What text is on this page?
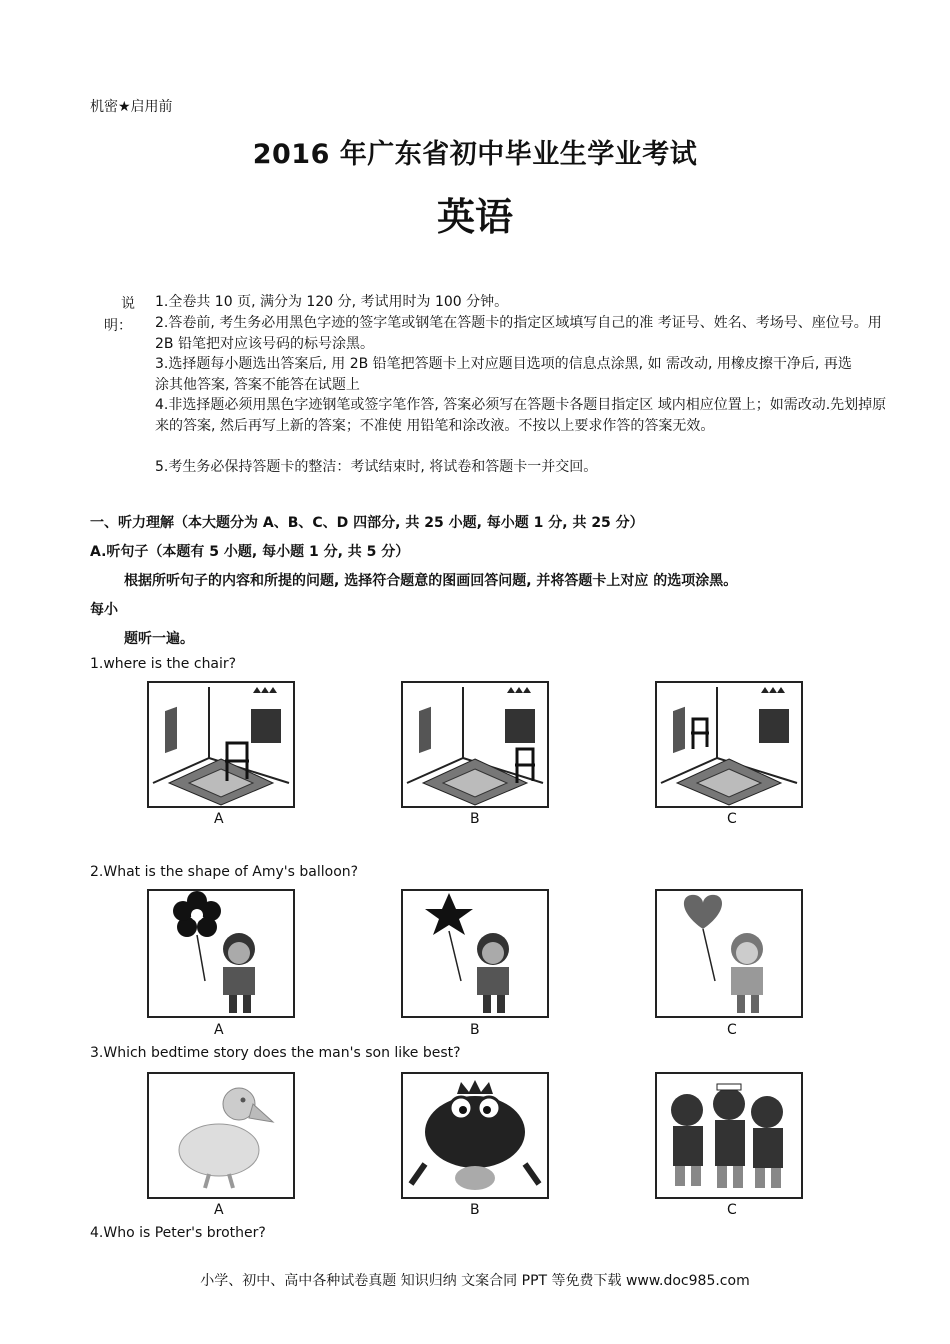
机密★启用前
2016 年广东省初中毕业生学业考试
英语
说
明：
1.全卷共 10 页, 满分为 120 分, 考试用时为 100 分钟。
2.答卷前, 考生务必用黑色字迹的签字笔或钢笔在答题卡的指定区域填写自己的准 考证号、姓名、考场号、座位号。用 2B 铅笔把对应该号码的标号涂黑。
3.选择题每小题选出答案后, 用 2B 铅笔把答题卡上对应题目选项的信息点涂黑, 如 需改动, 用橡皮擦干净后, 再选涂其他答案, 答案不能答在试题上
4.非选择题必须用黑色字迹钢笔或签字笔作答, 答案必须写在答题卡各题目指定区 域内相应位置上；如需改动.先划掉原来的答案, 然后再写上新的答案；不准使 用铅笔和涂改液。不按以上要求作答的答案无效。
5.考生务必保持答题卡的整洁：考试结束时, 将试卷和答题卡一并交回。
一、听力理解（本大题分为 A、B、C、D 四部分, 共 25 小题, 每小题 1 分, 共 25 分）
A.听句子（本题有 5 小题, 每小题 1 分, 共 5 分）
根据所听句子的内容和所提的问题, 选择符合题意的图画回答问题, 并将答题卡上对应 的选项涂黑。
每小
题听一遍。
1.where is the chair?
A	B	C
2.What is the shape of Amy's balloon?
A	B	C
3.Which bedtime story does the man's son like best?
A	B	C
4.Who is Peter's brother?
小学、初中、高中各种试卷真题 知识归纳 文案合同 PPT 等免费下载 www.doc985.com
